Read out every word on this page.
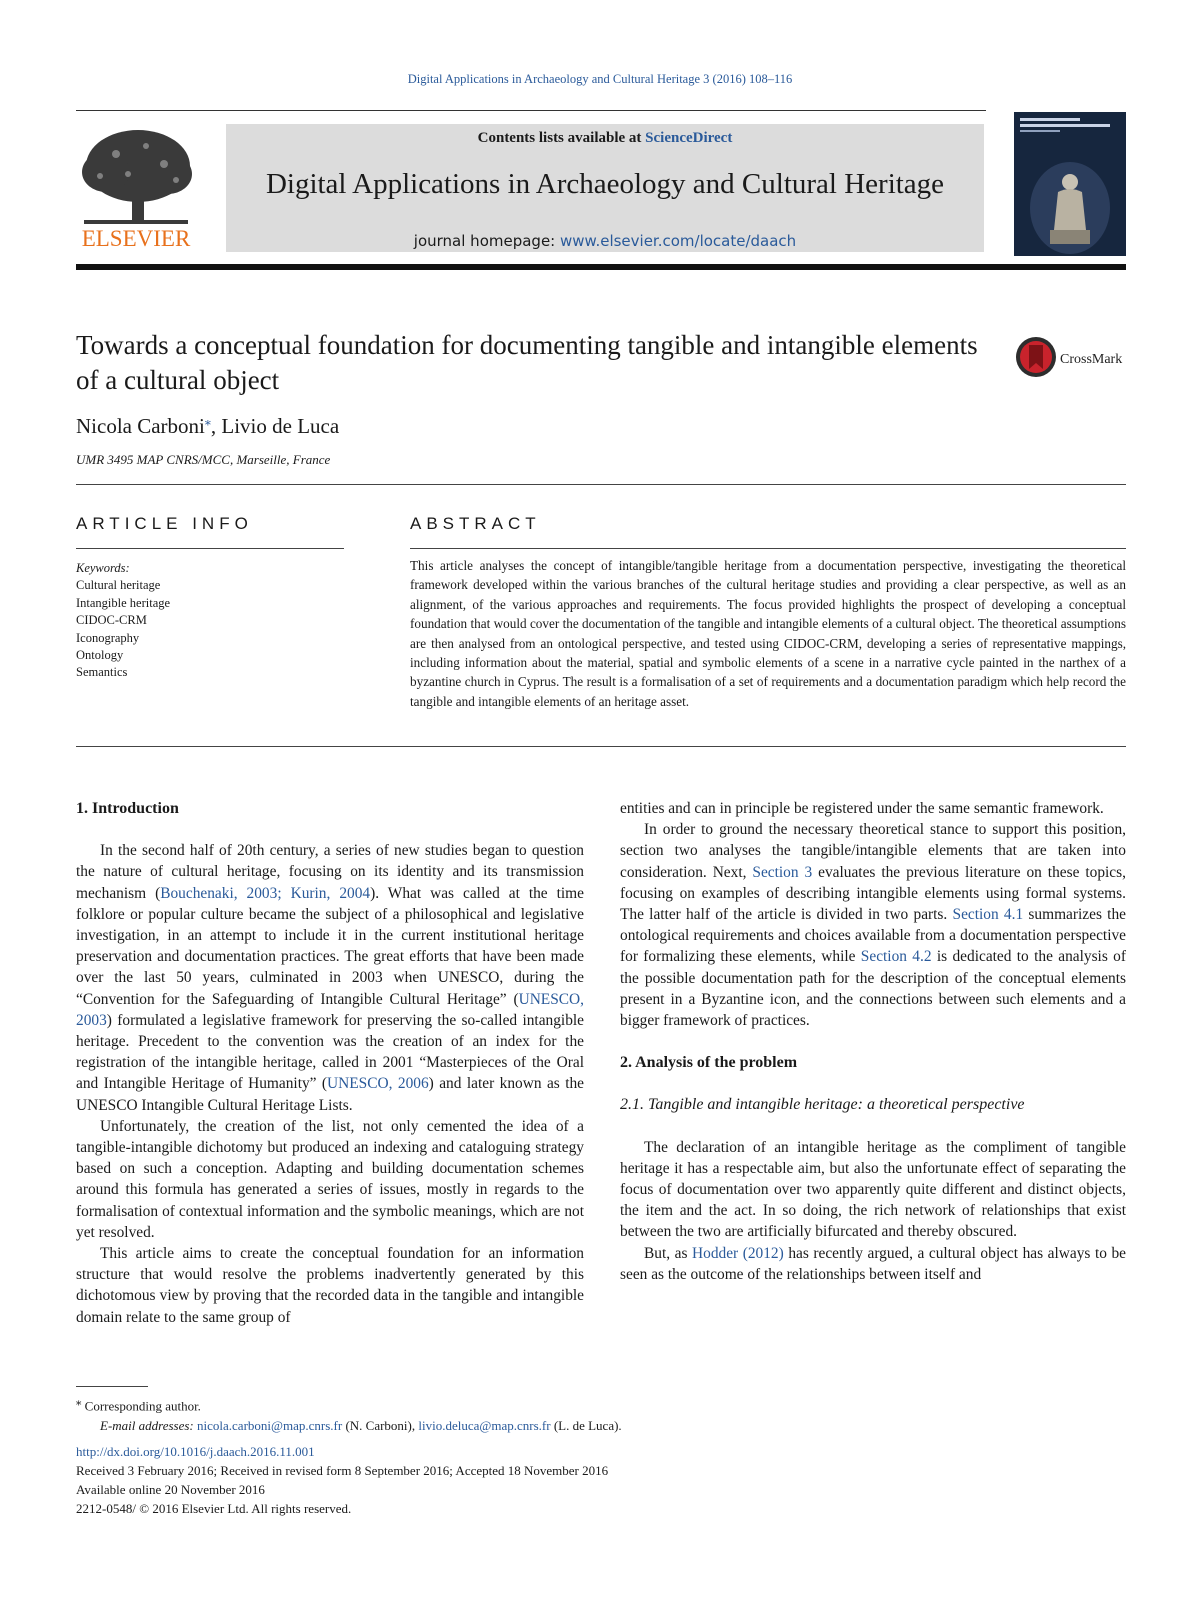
Digital Applications in Archaeology and Cultural Heritage 3 (2016) 108–116
ELSEVIER
Contents lists available at ScienceDirect
Digital Applications in Archaeology and Cultural Heritage
journal homepage: www.elsevier.com/locate/daach
Towards a conceptual foundation for documenting tangible and intangible elements of a cultural object
CrossMark
Nicola Carboni⁎, Livio de Luca
UMR 3495 MAP CNRS/MCC, Marseille, France
ARTICLE INFO	ABSTRACT
Keywords:
Cultural heritage
Intangible heritage
CIDOC-CRM
Iconography
Ontology
Semantics
This article analyses the concept of intangible/tangible heritage from a documentation perspective, investigating the theoretical framework developed within the various branches of the cultural heritage studies and providing a clear perspective, as well as an alignment, of the various approaches and requirements. The focus provided highlights the prospect of developing a conceptual foundation that would cover the documentation of the tangible and intangible elements of a cultural object. The theoretical assumptions are then analysed from an ontological perspective, and tested using CIDOC-CRM, developing a series of representative mappings, including information about the material, spatial and symbolic elements of a scene in a narrative cycle painted in the narthex of a byzantine church in Cyprus. The result is a formalisation of a set of requirements and a documentation paradigm which help record the tangible and intangible elements of an heritage asset.
1. Introduction

In the second half of 20th century, a series of new studies began to question the nature of cultural heritage, focusing on its identity and its transmission mechanism (Bouchenaki, 2003; Kurin, 2004). What was called at the time folklore or popular culture became the subject of a philosophical and legislative investigation, in an attempt to include it in the current institutional heritage preservation and documentation practices. The great efforts that have been made over the last 50 years, culminated in 2003 when UNESCO, during the “Convention for the Safeguarding of Intangible Cultural Heritage” (UNESCO, 2003) formulated a legislative framework for preserving the so-called intangible heritage. Precedent to the convention was the creation of an index for the registration of the intangible heritage, called in 2001 “Masterpieces of the Oral and Intangible Heritage of Humanity” (UNESCO, 2006) and later known as the UNESCO Intangible Cultural Heritage Lists.

Unfortunately, the creation of the list, not only cemented the idea of a tangible-intangible dichotomy but produced an indexing and cataloguing strategy based on such a conception. Adapting and building documentation schemes around this formula has generated a series of issues, mostly in regards to the formalisation of contextual information and the symbolic meanings, which are not yet resolved.

This article aims to create the conceptual foundation for an information structure that would resolve the problems inadvertently generated by this dichotomous view by proving that the recorded data in the tangible and intangible domain relate to the same group of

entities and can in principle be registered under the same semantic framework.

In order to ground the necessary theoretical stance to support this position, section two analyses the tangible/intangible elements that are taken into consideration. Next, Section 3 evaluates the previous literature on these topics, focusing on examples of describing intangible elements using formal systems. The latter half of the article is divided in two parts. Section 4.1 summarizes the ontological requirements and choices available from a documentation perspective for formalizing these elements, while Section 4.2 is dedicated to the analysis of the possible documentation path for the description of the conceptual elements present in a Byzantine icon, and the connections between such elements and a bigger framework of practices.

2. Analysis of the problem
2.1. Tangible and intangible heritage: a theoretical perspective

The declaration of an intangible heritage as the compliment of tangible heritage it has a respectable aim, but also the unfortunate effect of separating the focus of documentation over two apparently quite different and distinct objects, the item and the act. In so doing, the rich network of relationships that exist between the two are artificially bifurcated and thereby obscured.

But, as Hodder (2012) has recently argued, a cultural object has always to be seen as the outcome of the relationships between itself and

⁎ Corresponding author.
E-mail addresses: nicola.carboni@map.cnrs.fr (N. Carboni), livio.deluca@map.cnrs.fr (L. de Luca).
http://dx.doi.org/10.1016/j.daach.2016.11.001
Received 3 February 2016; Received in revised form 8 September 2016; Accepted 18 November 2016
Available online 20 November 2016
2212-0548/ © 2016 Elsevier Ltd. All rights reserved.
